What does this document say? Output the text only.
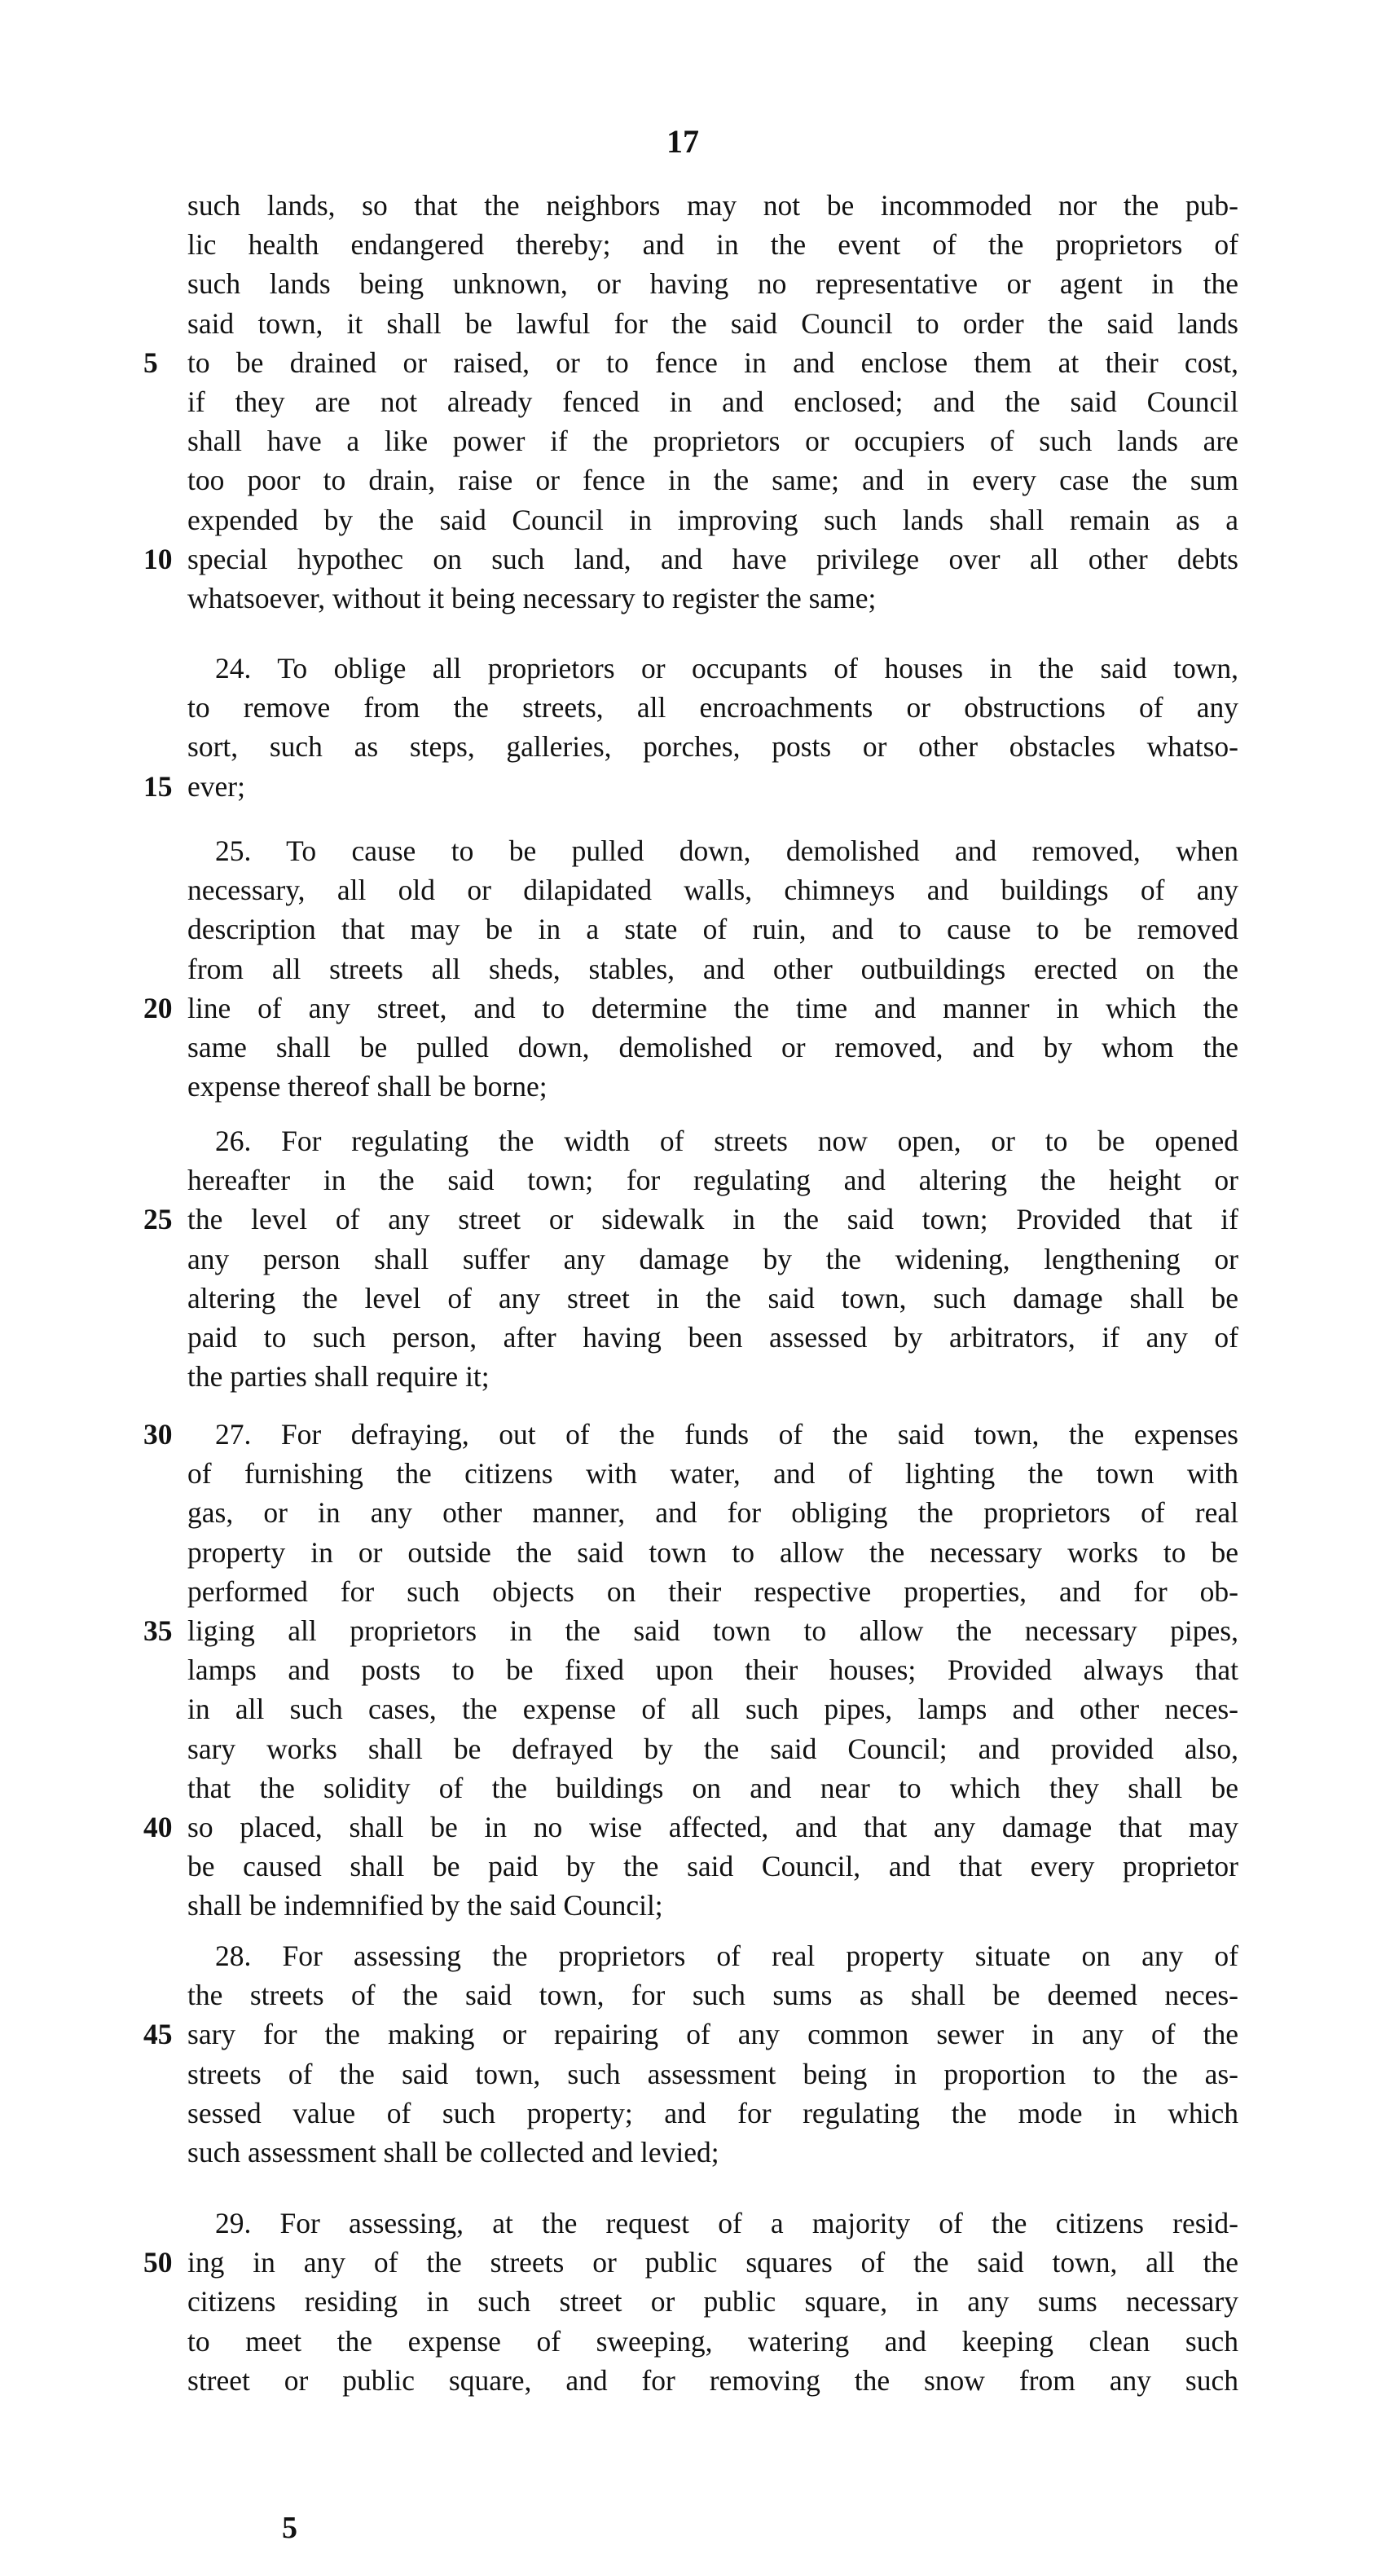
17
such lands, so that the neighbors may not be incommoded nor the pub-
lic health endangered thereby; and in the event of the proprietors of
such lands being unknown, or having no representative or agent in the
said town, it shall be lawful for the said Council to order the said lands
to be drained or raised, or to fence in and enclose them at their cost,
5
if they are not already fenced in and enclosed; and the said Council
shall have a like power if the proprietors or occupiers of such lands are
too poor to drain, raise or fence in the same; and in every case the sum
expended by the said Council in improving such lands shall remain as a
special hypothec on such land, and have privilege over all other debts
10
whatsoever, without it being necessary to register the same;
24. To oblige all proprietors or occupants of houses in the said town,
to remove from the streets, all encroachments or obstructions of any
sort, such as steps, galleries, porches, posts or other obstacles whatso-
ever;
15
25. To cause to be pulled down, demolished and removed, when
necessary, all old or dilapidated walls, chimneys and buildings of any
description that may be in a state of ruin, and to cause to be removed
from all streets all sheds, stables, and other outbuildings erected on the
line of any street, and to determine the time and manner in which the
20
same shall be pulled down, demolished or removed, and by whom the
expense thereof shall be borne;
26. For regulating the width of streets now open, or to be opened
hereafter in the said town; for regulating and altering the height or
the level of any street or sidewalk in the said town; Provided that if
25
any person shall suffer any damage by the widening, lengthening or
altering the level of any street in the said town, such damage shall be
paid to such person, after having been assessed by arbitrators, if any of
the parties shall require it;
27. For defraying, out of the funds of the said town, the expenses
30
of furnishing the citizens with water, and of lighting the town with
gas, or in any other manner, and for obliging the proprietors of real
property in or outside the said town to allow the necessary works to be
performed for such objects on their respective properties, and for ob-
liging all proprietors in the said town to allow the necessary pipes,
35
lamps and posts to be fixed upon their houses; Provided always that
in all such cases, the expense of all such pipes, lamps and other neces-
sary works shall be defrayed by the said Council; and provided also,
that the solidity of the buildings on and near to which they shall be
so placed, shall be in no wise affected, and that any damage that may
40
be caused shall be paid by the said Council, and that every proprietor
shall be indemnified by the said Council;
28. For assessing the proprietors of real property situate on any of
the streets of the said town, for such sums as shall be deemed neces-
sary for the making or repairing of any common sewer in any of the
45
streets of the said town, such assessment being in proportion to the as-
sessed value of such property; and for regulating the mode in which
such assessment shall be collected and levied;
29. For assessing, at the request of a majority of the citizens resid-
ing in any of the streets or public squares of the said town, all the
50
citizens residing in such street or public square, in any sums necessary
to meet the expense of sweeping, watering and keeping clean such
street or public square, and for removing the snow from any such
5
